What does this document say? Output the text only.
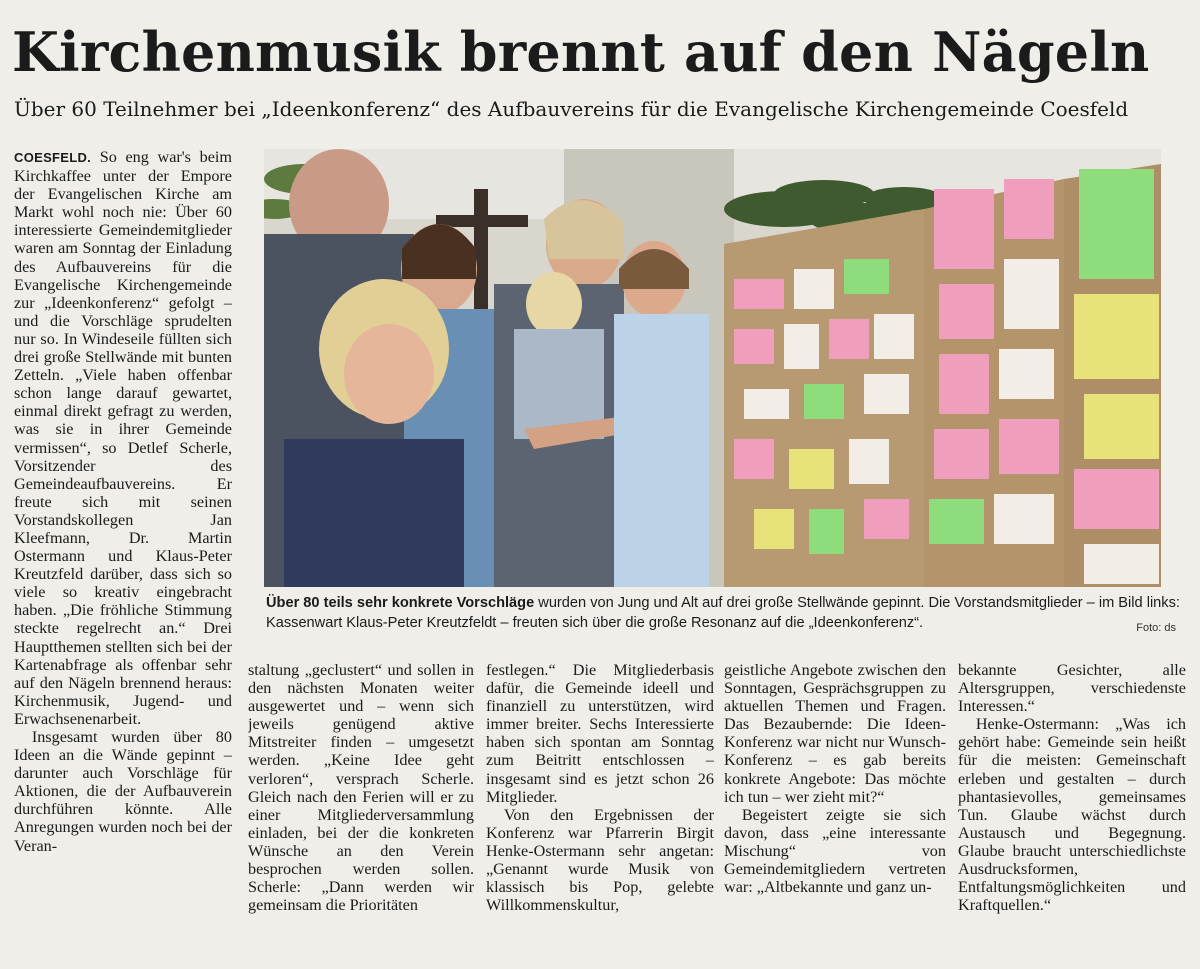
Kirchenmusik brennt auf den Nägeln
Über 60 Teilnehmer bei „Ideenkonferenz“ des Aufbauvereins für die Evangelische Kirchengemeinde Coesfeld

COESFELD. So eng war's beim Kirchkaffee unter der Empore der Evangelischen Kirche am Markt wohl noch nie: Über 60 interessierte Gemeindemitglieder waren am Sonntag der Einladung des Aufbauvereins für die Evangelische Kirchengemeinde zur „Ideenkonferenz“ gefolgt – und die Vorschläge sprudelten nur so. In Windeseile füllten sich drei große Stellwände mit bunten Zetteln. „Viele haben offenbar schon lange darauf gewartet, einmal direkt gefragt zu werden, was sie in ihrer Gemeinde vermissen“, so Detlef Scherle, Vorsitzender des Gemeindeaufbauvereins. Er freute sich mit seinen Vorstandskollegen Jan Kleefmann, Dr. Martin Ostermann und Klaus-Peter Kreutzfeld darüber, dass sich so viele so kreativ eingebracht haben. „Die fröhliche Stimmung steckte regelrecht an.“ Drei Hauptthemen stellten sich bei der Kartenabfrage als offenbar sehr auf den Nägeln brennend heraus: Kirchenmusik, Jugend- und Erwachsenenarbeit.

Insgesamt wurden über 80 Ideen an die Wände gepinnt – darunter auch Vorschläge für Aktionen, die der Aufbauverein durchführen könnte. Alle Anregungen wurden noch bei der Veran-

Über 80 teils sehr konkrete Vorschläge wurden von Jung und Alt auf drei große Stellwände gepinnt. Die Vorstandsmitglieder – im Bild links: Kassenwart Klaus-Peter Kreutzfeldt – freuten sich über die große Resonanz auf die „Ideenkonferenz“.	Foto: ds

staltung „geclustert“ und sollen in den nächsten Monaten weiter ausgewertet und – wenn sich jeweils genügend aktive Mitstreiter finden – umgesetzt werden. „Keine Idee geht verloren“, versprach Scherle. Gleich nach den Ferien will er zu einer Mitgliederversammlung einladen, bei der die konkreten Wünsche an den Verein besprochen werden sollen. Scherle: „Dann werden wir gemeinsam die Prioritäten

festlegen.“ Die Mitgliederbasis dafür, die Gemeinde ideell und finanziell zu unterstützen, wird immer breiter. Sechs Interessierte haben sich spontan am Sonntag zum Beitritt entschlossen – insgesamt sind es jetzt schon 26 Mitglieder.

Von den Ergebnissen der Konferenz war Pfarrerin Birgit Henke-Ostermann sehr angetan: „Genannt wurde Musik von klassisch bis Pop, gelebte Willkommenskultur,

geistliche Angebote zwischen den Sonntagen, Gesprächsgruppen zu aktuellen Themen und Fragen. Das Bezaubernde: Die Ideen-Konferenz war nicht nur Wunsch-Konferenz – es gab bereits konkrete Angebote: Das möchte ich tun – wer zieht mit?“

Begeistert zeigte sie sich davon, dass „eine interessante Mischung“ von Gemeindemitgliedern vertreten war: „Altbekannte und ganz un-

bekannte Gesichter, alle Altersgruppen, verschiedenste Interessen.“

Henke-Ostermann: „Was ich gehört habe: Gemeinde sein heißt für die meisten: Gemeinschaft erleben und gestalten – durch phantasievolles, gemeinsames Tun. Glaube wächst durch Austausch und Begegnung. Glaube braucht unterschiedlichste Ausdrucksformen, Entfaltungsmöglichkeiten und Kraftquellen.“
